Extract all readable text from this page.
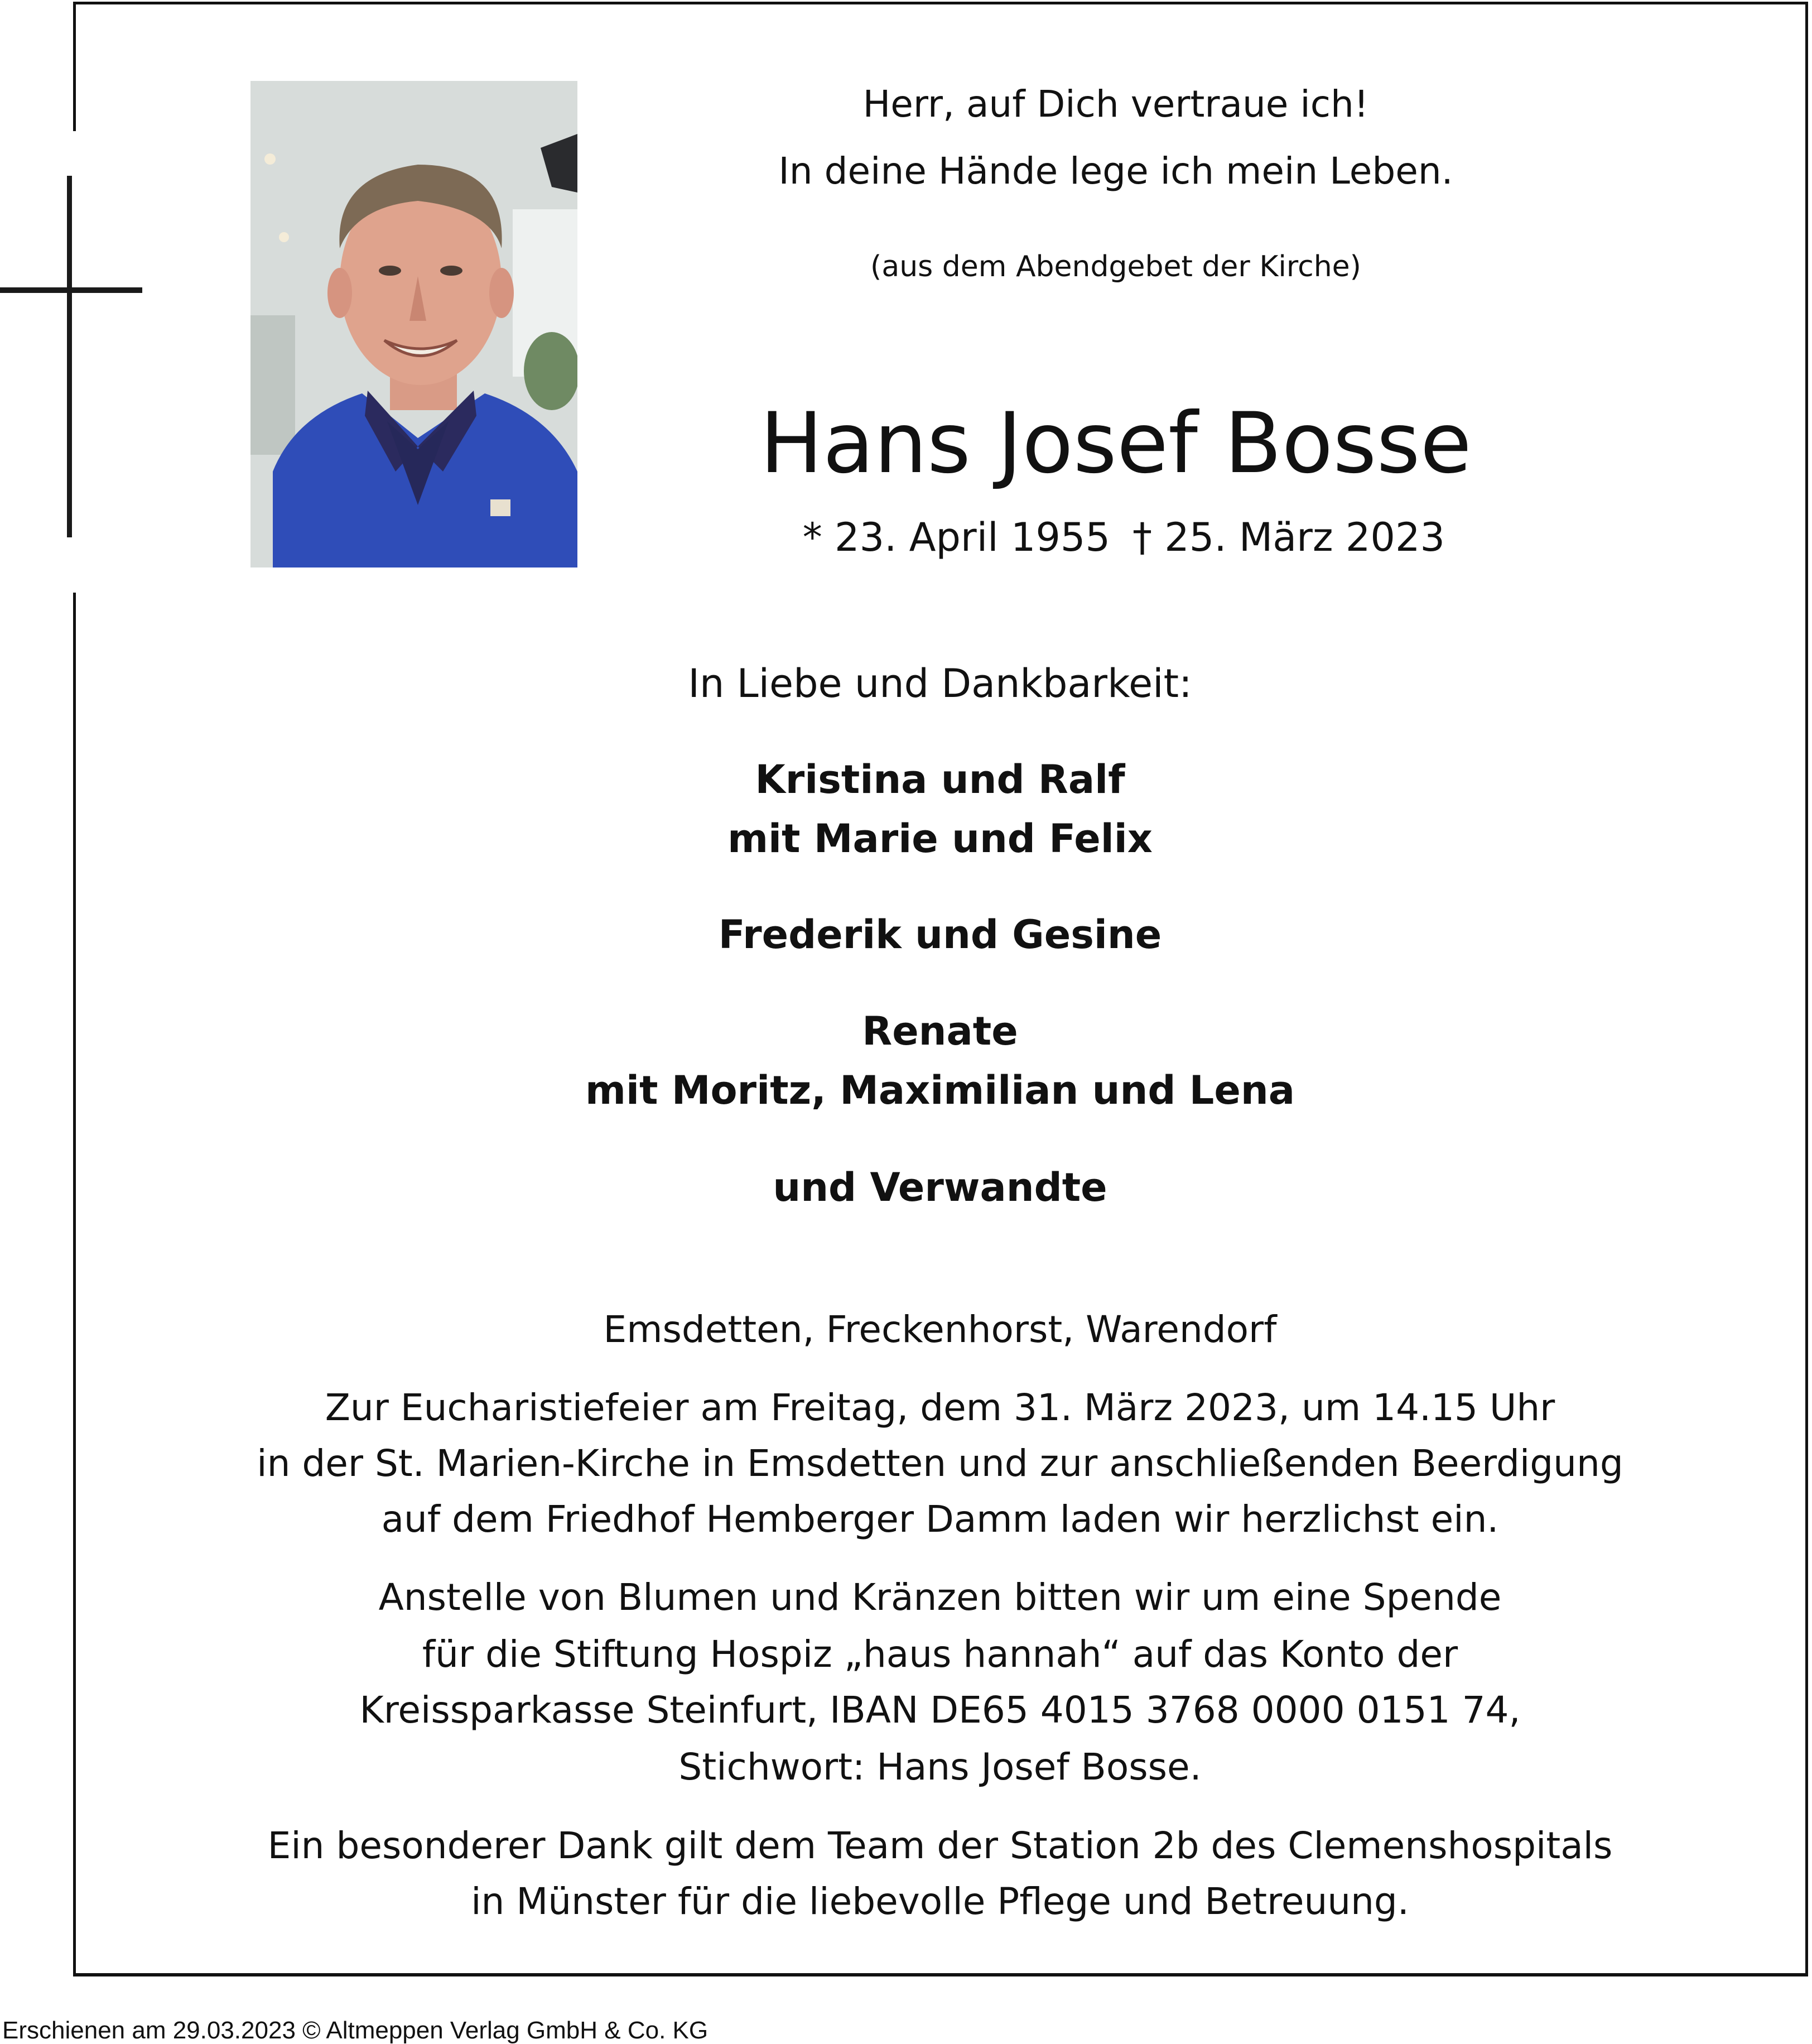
Herr, auf Dich vertraue ich!
In deine Hände lege ich mein Leben.
(aus dem Abendgebet der Kirche)
Hans Josef Bosse
* 23. April 1955 † 25. März 2023
In Liebe und Dankbarkeit:
Kristina und Ralf
mit Marie und Felix
Frederik und Gesine
Renate
mit Moritz, Maximilian und Lena
und Verwandte
Emsdetten, Freckenhorst, Warendorf
Zur Eucharistiefeier am Freitag, dem 31. März 2023, um 14.15 Uhr
in der St. Marien-Kirche in Emsdetten und zur anschließenden Beerdigung
auf dem Friedhof Hemberger Damm laden wir herzlichst ein.
Anstelle von Blumen und Kränzen bitten wir um eine Spende
für die Stiftung Hospiz „haus hannah“ auf das Konto der
Kreissparkasse Steinfurt, IBAN DE65 4015 3768 0000 0151 74,
Stichwort: Hans Josef Bosse.
Ein besonderer Dank gilt dem Team der Station 2b des Clemenshospitals
in Münster für die liebevolle Pflege und Betreuung.
Erschienen am 29.03.2023 © Altmeppen Verlag GmbH & Co. KG
